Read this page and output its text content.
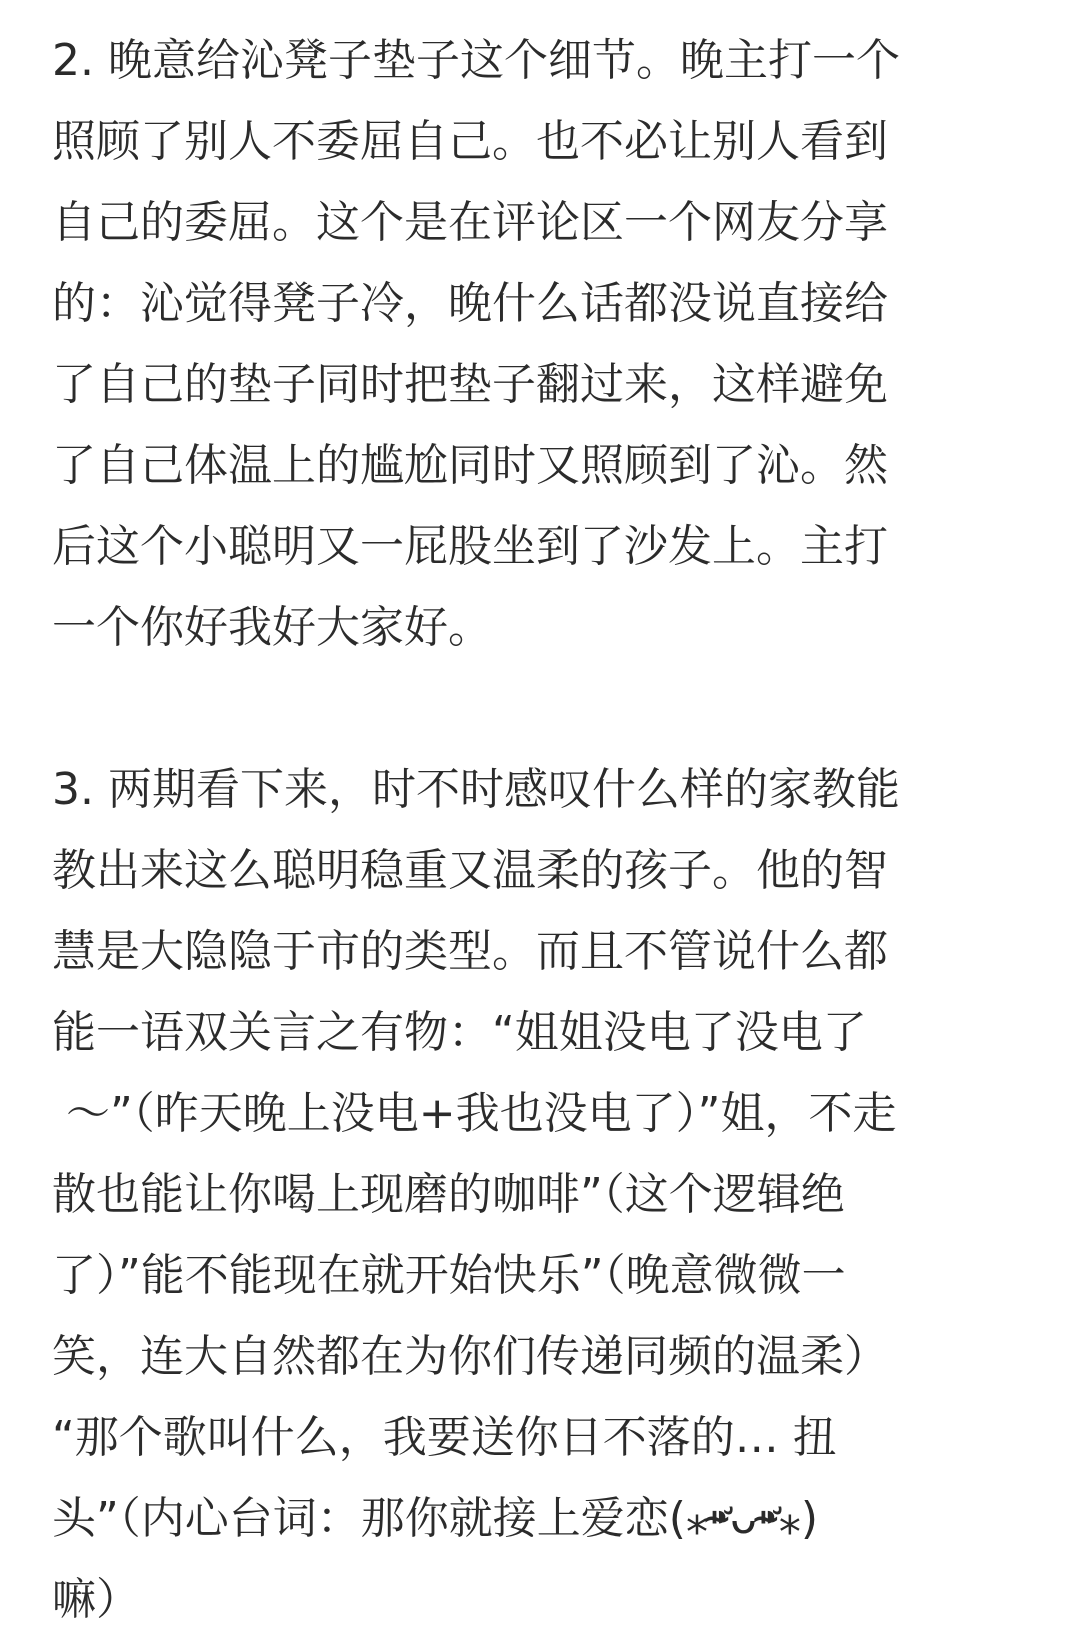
2. 晚意给沁凳子垫子这个细节。晚主打一个
照顾了别人不委屈自己。也不必让别人看到
自己的委屈。这个是在评论区一个网友分享
的：沁觉得凳子冷，晚什么话都没说直接给
了自己的垫子同时把垫子翻过来，这样避免
了自己体温上的尴尬同时又照顾到了沁。然
后这个小聪明又一屁股坐到了沙发上。主打
一个你好我好大家好。
3. 两期看下来，时不时感叹什么样的家教能
教出来这么聪明稳重又温柔的孩子。他的智
慧是大隐隐于市的类型。而且不管说什么都
能一语双关言之有物：“姐姐没电了没电了
～”（昨天晚上没电+我也没电了）”姐，不走
散也能让你喝上现磨的咖啡”（这个逻辑绝
了）”能不能现在就开始快乐”（晚意微微一
笑，连大自然都在为你们传递同频的温柔）
“那个歌叫什么，我要送你日不落的… 扭
头”（内心台词：那你就接上爱恋(⁎⁍̴̛ᴗ⁍̴̛⁎)
嘛）
